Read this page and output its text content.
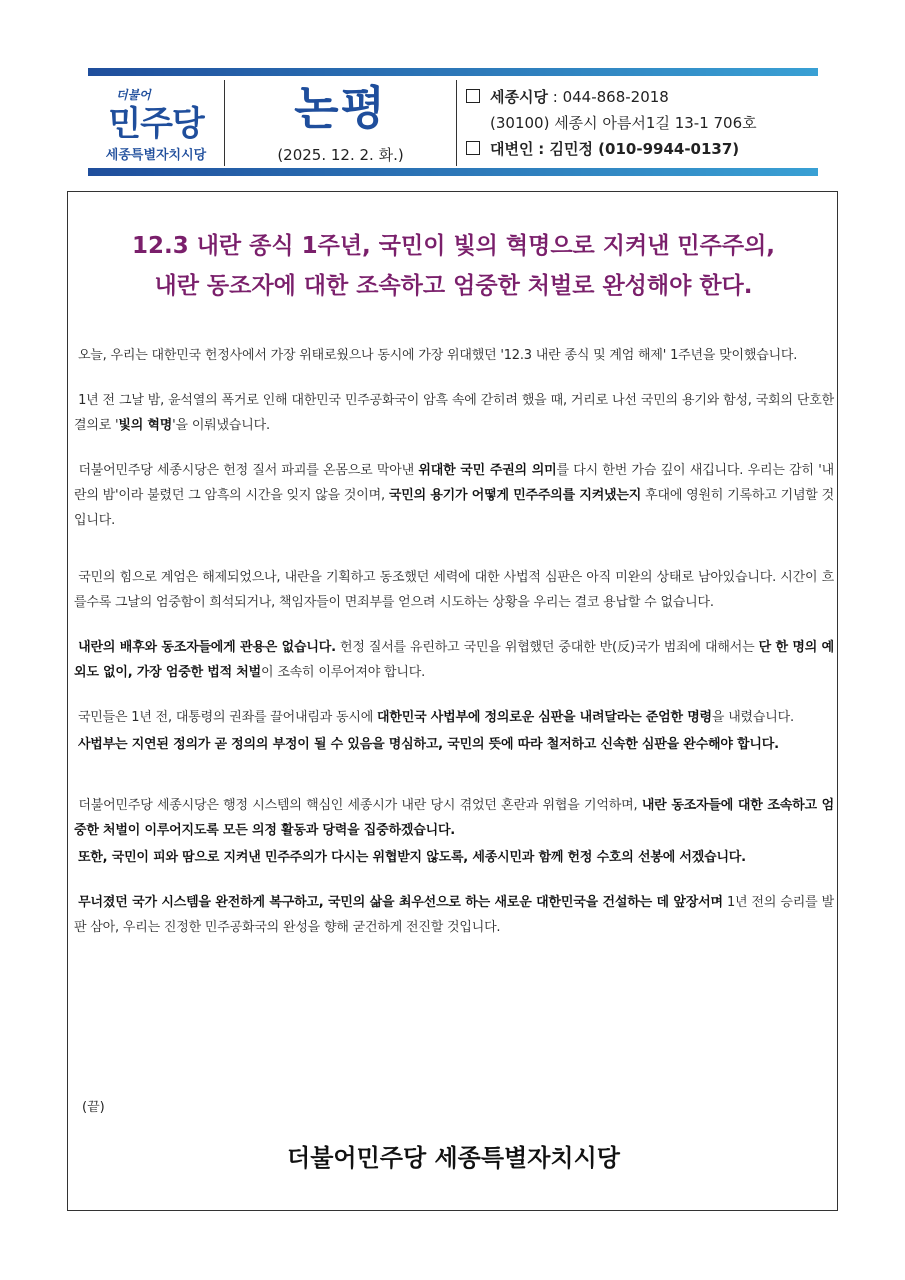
더불어
민주당
세종특별자치시당
논평
(2025. 12. 2. 화.)
세종시당 : 044-868-2018
(30100) 세종시 아름서1길 13-1 706호
대변인 : 김민정 (010-9944-0137)
12.3 내란 종식 1주년, 국민이 빛의 혁명으로 지켜낸 민주주의,
내란 동조자에 대한 조속하고 엄중한 처벌로 완성해야 한다.

오늘, 우리는 대한민국 헌정사에서 가장 위태로웠으나 동시에 가장 위대했던 '12.3 내란 종식 및 계엄 해제' 1주년을 맞이했습니다.

1년 전 그날 밤, 윤석열의 폭거로 인해 대한민국 민주공화국이 암흑 속에 갇히려 했을 때, 거리로 나선 국민의 용기와 함성, 국회의 단호한 결의로 '빛의 혁명'을 이뤄냈습니다.

더불어민주당 세종시당은 헌정 질서 파괴를 온몸으로 막아낸 위대한 국민 주권의 의미를 다시 한번 가슴 깊이 새깁니다. 우리는 감히 '내란의 밤'이라 불렸던 그 암흑의 시간을 잊지 않을 것이며, 국민의 용기가 어떻게 민주주의를 지켜냈는지 후대에 영원히 기록하고 기념할 것입니다.

국민의 힘으로 계엄은 해제되었으나, 내란을 기획하고 동조했던 세력에 대한 사법적 심판은 아직 미완의 상태로 남아있습니다. 시간이 흐를수록 그날의 엄중함이 희석되거나, 책임자들이 면죄부를 얻으려 시도하는 상황을 우리는 결코 용납할 수 없습니다.

내란의 배후와 동조자들에게 관용은 없습니다. 헌정 질서를 유린하고 국민을 위협했던 중대한 반(反)국가 범죄에 대해서는 단 한 명의 예외도 없이, 가장 엄중한 법적 처벌이 조속히 이루어져야 합니다.

국민들은 1년 전, 대통령의 권좌를 끌어내림과 동시에 대한민국 사법부에 정의로운 심판을 내려달라는 준엄한 명령을 내렸습니다.

사법부는 지연된 정의가 곧 정의의 부정이 될 수 있음을 명심하고, 국민의 뜻에 따라 철저하고 신속한 심판을 완수해야 합니다.

더불어민주당 세종시당은 행정 시스템의 핵심인 세종시가 내란 당시 겪었던 혼란과 위협을 기억하며, 내란 동조자들에 대한 조속하고 엄중한 처벌이 이루어지도록 모든 의정 활동과 당력을 집중하겠습니다.

또한, 국민이 피와 땀으로 지켜낸 민주주의가 다시는 위협받지 않도록, 세종시민과 함께 헌정 수호의 선봉에 서겠습니다.

무너졌던 국가 시스템을 완전하게 복구하고, 국민의 삶을 최우선으로 하는 새로운 대한민국을 건설하는 데 앞장서며 1년 전의 승리를 발판 삼아, 우리는 진정한 민주공화국의 완성을 향해 굳건하게 전진할 것입니다.

(끝)
더불어민주당 세종특별자치시당
